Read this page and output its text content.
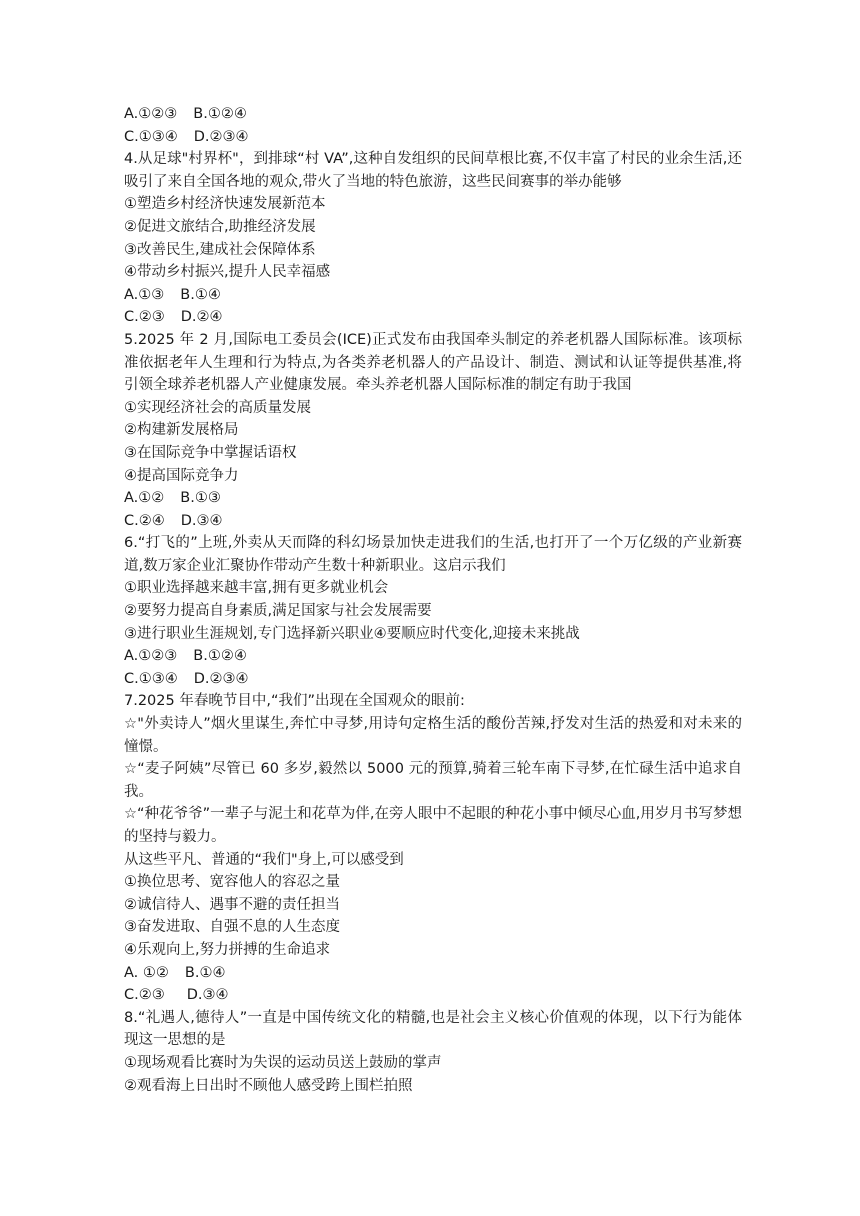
A.①②③ B.①②④
C.①③④ D.②③④
4.从足球"村界杯"，到排球“村 VA”,这种自发组织的民间草根比赛,不仅丰富了村民的业余生活,还吸引了来自全国各地的观众,带火了当地的特色旅游，这些民间赛事的举办能够
①塑造乡村经济快速发展新范本
②促进文旅结合,助推经济发展
③改善民生,建成社会保障体系
④带动乡村振兴,提升人民幸福感
A.①③ B.①④
C.②③ D.②④
5.2025 年 2 月,国际电工委员会(ICE)正式发布由我国牵头制定的养老机器人国际标准。该项标准依据老年人生理和行为特点,为各类养老机器人的产品设计、制造、测试和认证等提供基准,将引领全球养老机器人产业健康发展。牵头养老机器人国际标准的制定有助于我国
①实现经济社会的高质量发展
②构建新发展格局
③在国际竞争中掌握话语权
④提高国际竞争力
A.①② B.①③
C.②④ D.③④
6.“打飞的”上班,外卖从天而降的科幻场景加快走进我们的生活,也打开了一个万亿级的产业新赛道,数万家企业汇聚协作带动产生数十种新职业。这启示我们
①职业选择越来越丰富,拥有更多就业机会
②要努力提高自身素质,满足国家与社会发展需要
③进行职业生涯规划,专门选择新兴职业④要顺应时代变化,迎接未来挑战
A.①②③ B.①②④
C.①③④ D.②③④
7.2025 年春晚节目中,“我们”出现在全国观众的眼前:
☆"外卖诗人”烟火里谋生,奔忙中寻梦,用诗句定格生活的酸份苦辣,抒发对生活的热爱和对未来的憧憬。
☆“麦子阿姨”尽管已 60 多岁,毅然以 5000 元的预算,骑着三轮车南下寻梦,在忙碌生活中追求自我。
☆“种花爷爷”一辈子与泥土和花草为伴,在旁人眼中不起眼的种花小事中倾尽心血,用岁月书写梦想的坚持与毅力。
从这些平凡、普通的“我们"身上,可以感受到
①换位思考、宽容他人的容忍之量
②诚信待人、遇事不避的责任担当
③奋发进取、自强不息的人生态度
④乐观向上,努力拼搏的生命追求
A. ①② B.①④
C.②③ D.③④
8.“礼遇人,德待人”一直是中国传统文化的精髓,也是社会主义核心价值观的体现，以下行为能体现这一思想的是
①现场观看比赛时为失误的运动员送上鼓励的掌声
②观看海上日出时不顾他人感受跨上围栏拍照
